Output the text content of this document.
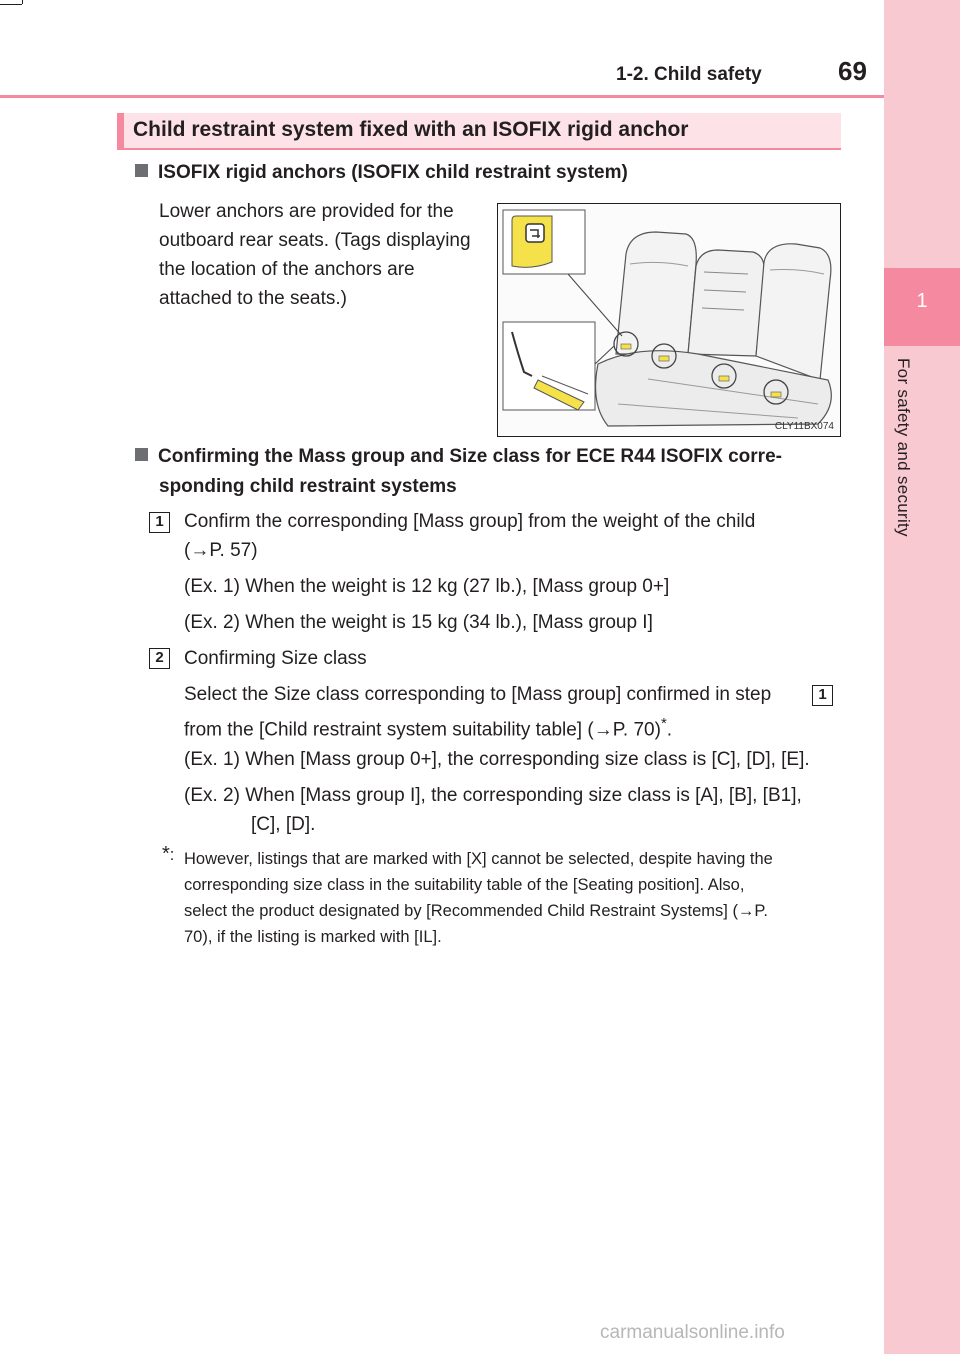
1
For safety and security
1-2. Child safety	69
Child restraint system fixed with an ISOFIX rigid anchor
ISOFIX rigid anchors (ISOFIX child restraint system)
Lower anchors are provided for the
outboard rear seats. (Tags displaying
the location of the anchors are
attached to the seats.)
CLY11BX074
Confirming the Mass group and Size class for ECE R44 ISOFIX corre-
sponding child restraint systems
1	Confirm the corresponding [Mass group] from the weight of the child
(→P. 57)
(Ex. 1) When the weight is 12 kg (27 lb.), [Mass group 0+]
(Ex. 2) When the weight is 15 kg (34 lb.), [Mass group I]
2	Confirming Size class
Select the Size class corresponding to [Mass group] confirmed in step	1
from the [Child restraint system suitability table] (→P. 70)*.
(Ex. 1) When [Mass group 0+], the corresponding size class is [C], [D], [E].
(Ex. 2) When [Mass group I], the corresponding size class is [A], [B], [B1],
[C], [D].
*: However, listings that are marked with [X] cannot be selected, despite having the
corresponding size class in the suitability table of the [Seating position]. Also,
select the product designated by [Recommended Child Restraint Systems] (→P.
70), if the listing is marked with [IL].
carmanualsonline.info
